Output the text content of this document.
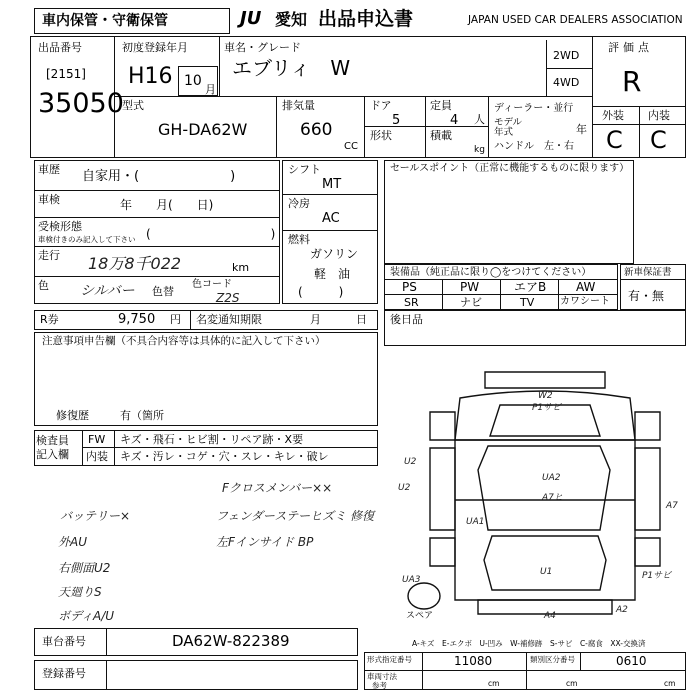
車内保管・守衛保管	JU 愛知 出品申込書	JAPAN USED CAR DEALERS ASSOCIATION
出品番号
[2151]
35050
初度登録年月
H16 10
月
車名・グレード
エブリィ　W
2WD
4WD
評価点
R
外装 内装
C C
型式
GH-DA62W
排気量
660
CC
ドア
5
定員
4 人
形状	積載
kg
ディーラー・並行
モデル
年式	年
ハンドル　左・右
車歴 自家用・(　　　　　　　)
車検	年　　月(　　日)
受検形態
車検付きのみ記入して下さい (　　　　　　　　　　)
走行 18万8千022	km
色 シルバー 色替
色コード
Z2S
シフト
MT
冷房
AC
燃料
ガソリン
軽　油
(　　　)
セールスポイント（正常に機能するものに限ります）
装備品（純正品に限り◯をつけてください）
PS	PW	エアB AW
SR	ナビ	TV	カワシート
新車保証書
有・無
R券	9,750 円 名変通知期限	月	日 後日品
注意事項申告欄（不具合内容等は具体的に記入して下さい）
修復歴	有（箇所
検査員
記入欄
FW キズ・飛石・ヒビ割・リペア跡・X要
内装 キズ・汚レ・コゲ・穴・スレ・キレ・破レ
Fクロスメンバー××
バッテリー×	フェンダーステーヒズミ 修復
外AU	左Fインサイド BP
右側面U2
天廻りS
ボディA/U
W2
P1サビ
UA2
U2
U2
A7
A7ヒ
UA1
U1
UA3
スペア	A4
A2
P1サビ
A-キズ　E-エクボ　U-凹み　W-補修跡　S-サビ　C-腐食　XX-交換済
車台番号	DA62W-822389
登録番号
形式指定番号	11080	類別区分番号	0610
車両寸法
参考	cm	cm	cm
